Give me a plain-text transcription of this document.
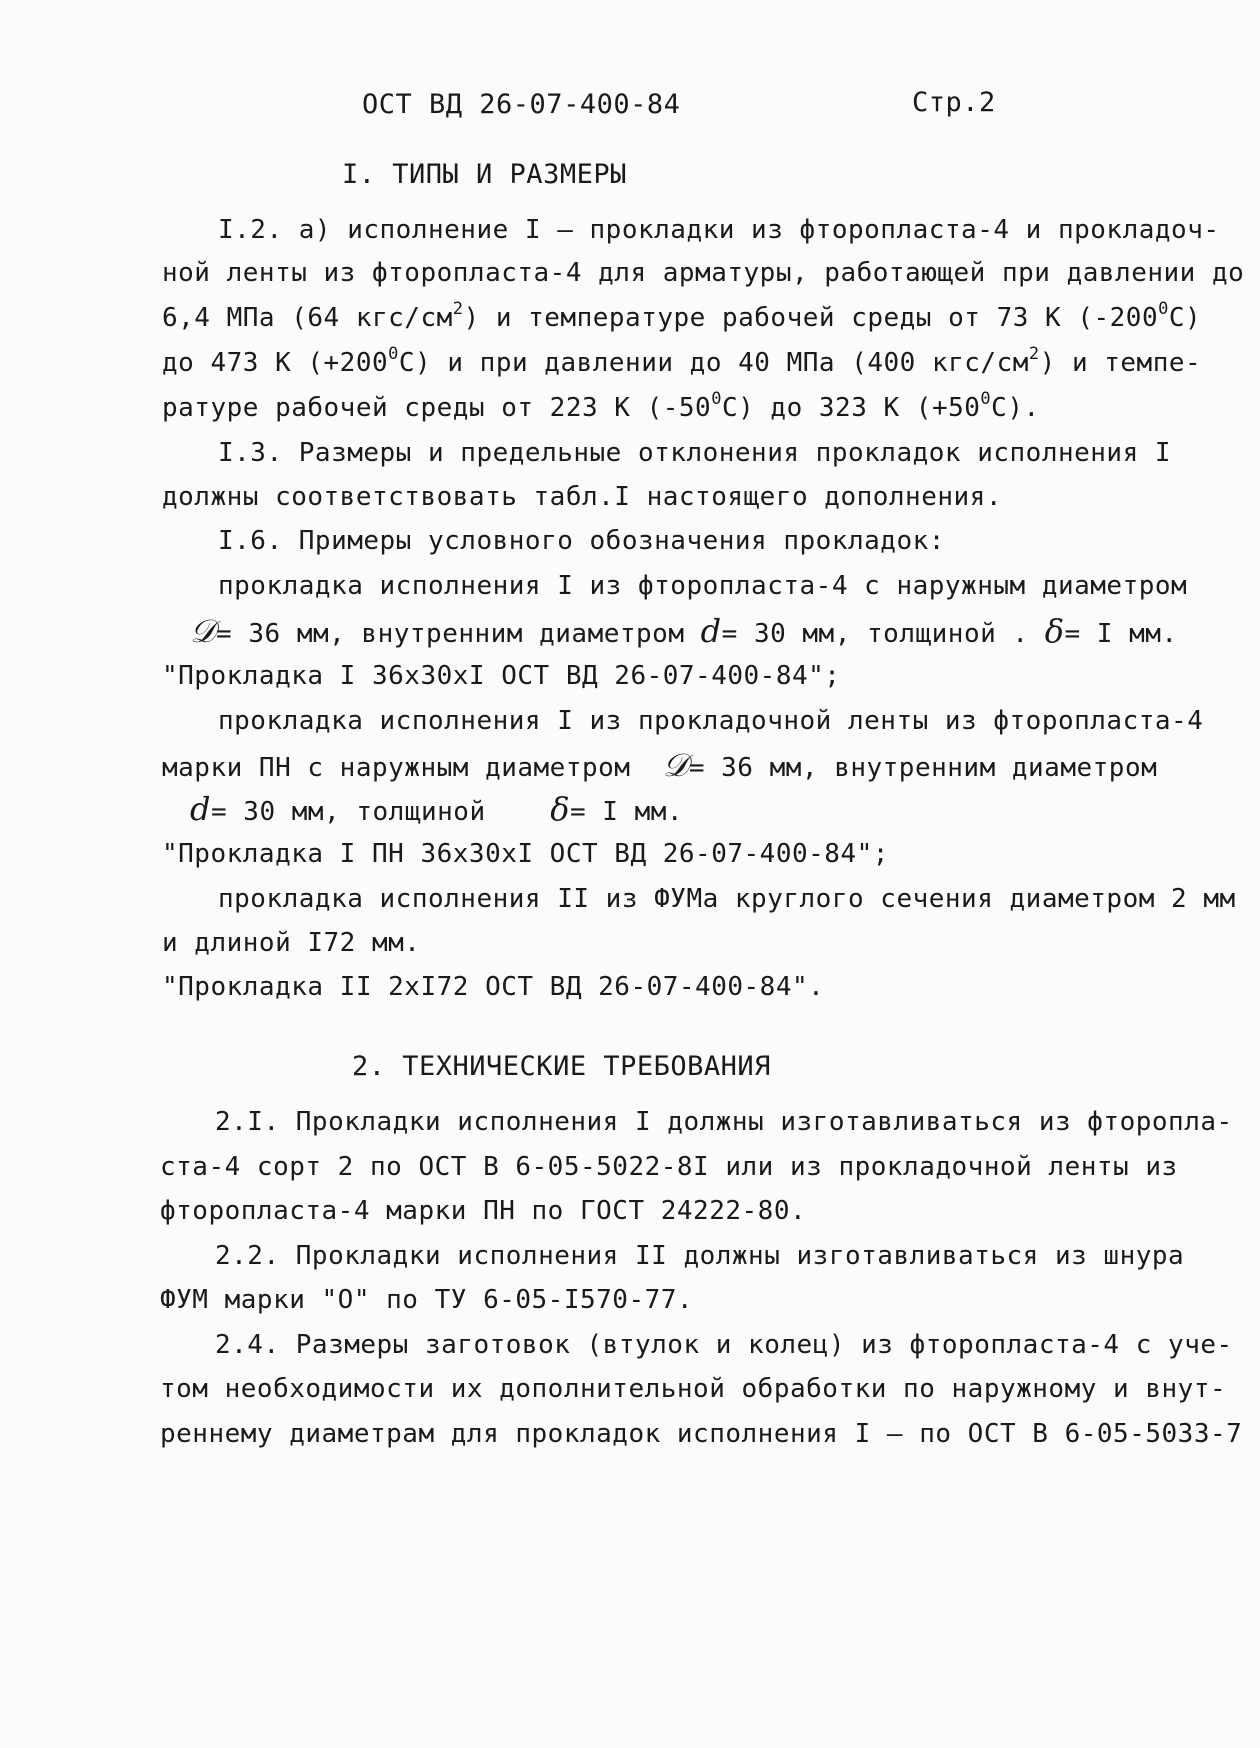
ОСТ ВД 26-07-400-84	Стр.2
I. ТИПЫ И РАЗМЕРЫ
I.2. а) исполнение I – прокладки из фторопласта-4 и прокладоч-
ной ленты из фторопласта-4 для арматуры, работающей при давлении до
6,4 МПа (64 кгс/$см^2$) и температуре рабочей среды от 73 К $(-200^0С)$
до 473 К $(+200^0С)$ и при давлении до 40 МПа (400 кгс/$см^2$) и темпе-
ратуре рабочей среды от 223 К $(-50^0С)$ до 323 К $(+50^0С)$.
I.3. Размеры и предельные отклонения прокладок исполнения I
должны соответствовать табл.I настоящего дополнения.
I.6. Примеры условного обозначения прокладок:
прокладка исполнения I из фторопласта-4 с наружным диаметром
𝒟= 36 мм, внутренним диаметром d= 30 мм, толщиной . δ= I мм.
"Прокладка I 36х30хI ОСТ ВД 26-07-400-84";
прокладка исполнения I из прокладочной ленты из фторопласта-4
марки ПН с наружным диаметром 𝒟= 36 мм, внутренним диаметром
d= 30 мм, толщиной δ= I мм.
"Прокладка I ПН 36х30хI ОСТ ВД 26-07-400-84";
прокладка исполнения II из ФУМа круглого сечения диаметром 2 мм
и длиной I72 мм.
"Прокладка II 2хI72 ОСТ ВД 26-07-400-84".
2. ТЕХНИЧЕСКИЕ ТРЕБОВАНИЯ
2.I. Прокладки исполнения I должны изготавливаться из фторопла-
ста-4 сорт 2 по ОСТ В 6-05-5022-8I или из прокладочной ленты из
фторопласта-4 марки ПН по ГОСТ 24222-80.
2.2. Прокладки исполнения II должны изготавливаться из шнура
ФУМ марки "О" по ТУ 6-05-I570-77.
2.4. Размеры заготовок (втулок и колец) из фторопласта-4 с уче-
том необходимости их дополнительной обработки по наружному и внут-
реннему диаметрам для прокладок исполнения I – по ОСТ В 6-05-5033-7
